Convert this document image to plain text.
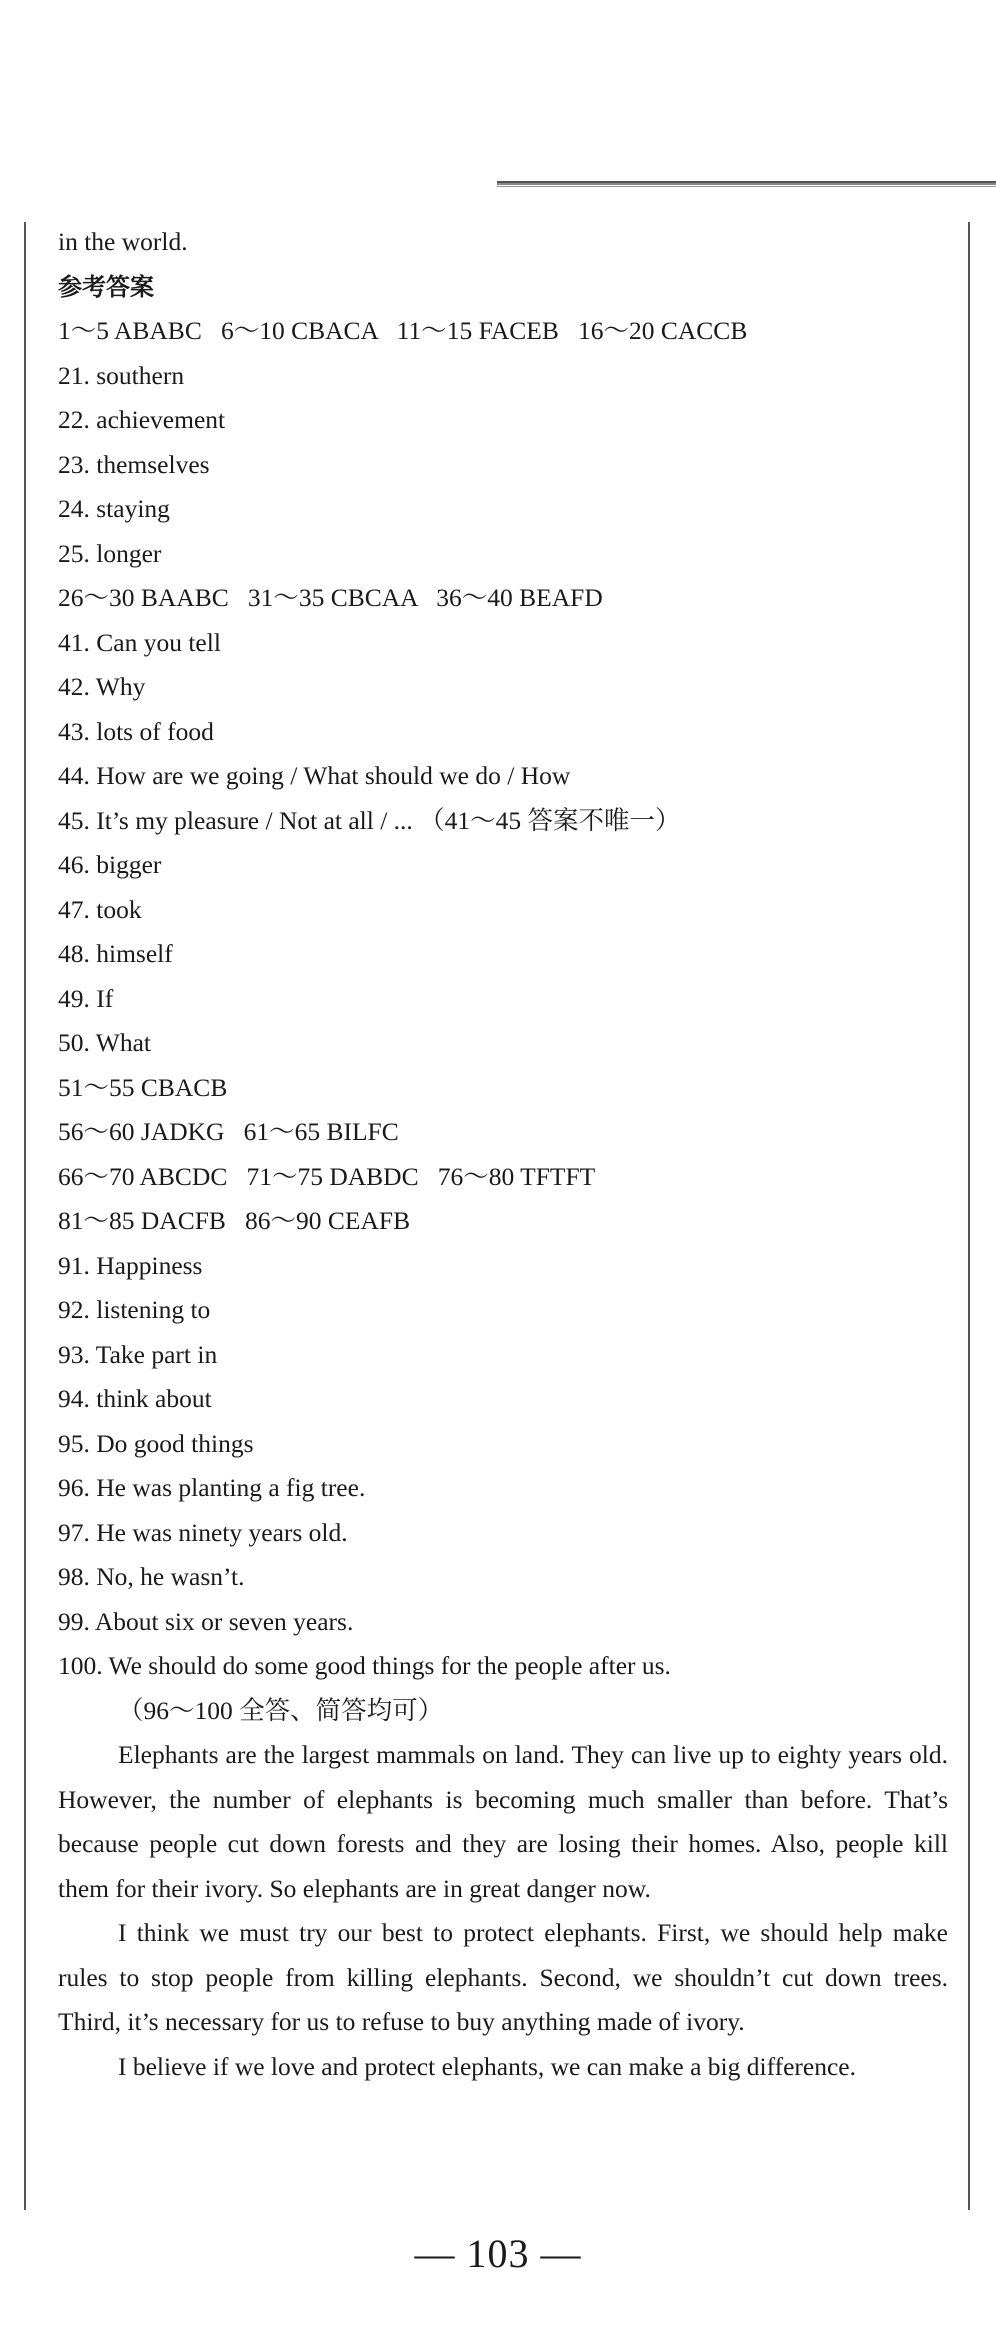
in the world.
参考答案
1～5 ABABC   6～10 CBACA   11～15 FACEB   16～20 CACCB
21. southern
22. achievement
23. themselves
24. staying
25. longer
26～30 BAABC   31～35 CBCAA   36～40 BEAFD
41. Can you tell
42. Why
43. lots of food
44. How are we going / What should we do / How
45. It’s my pleasure / Not at all / ... （41～45 答案不唯一）
46. bigger
47. took
48. himself
49. If
50. What
51～55 CBACB
56～60 JADKG   61～65 BILFC
66～70 ABCDC   71～75 DABDC   76～80 TFTFT
81～85 DACFB   86～90 CEAFB
91. Happiness
92. listening to
93. Take part in
94. think about
95. Do good things
96. He was planting a fig tree.
97. He was ninety years old.
98. No, he wasn’t.
99. About six or seven years.
100. We should do some good things for the people after us.
（96～100 全答、简答均可）

Elephants are the largest mammals on land. They can live up to eighty years old. However, the number of elephants is becoming much smaller than before. That’s because people cut down forests and they are losing their homes. Also, people kill them for their ivory. So elephants are in great danger now.

I think we must try our best to protect elephants. First, we should help make rules to stop people from killing elephants. Second, we shouldn’t cut down trees. Third, it’s necessary for us to refuse to buy anything made of ivory.

I believe if we love and protect elephants, we can make a big difference.

— 103 —
